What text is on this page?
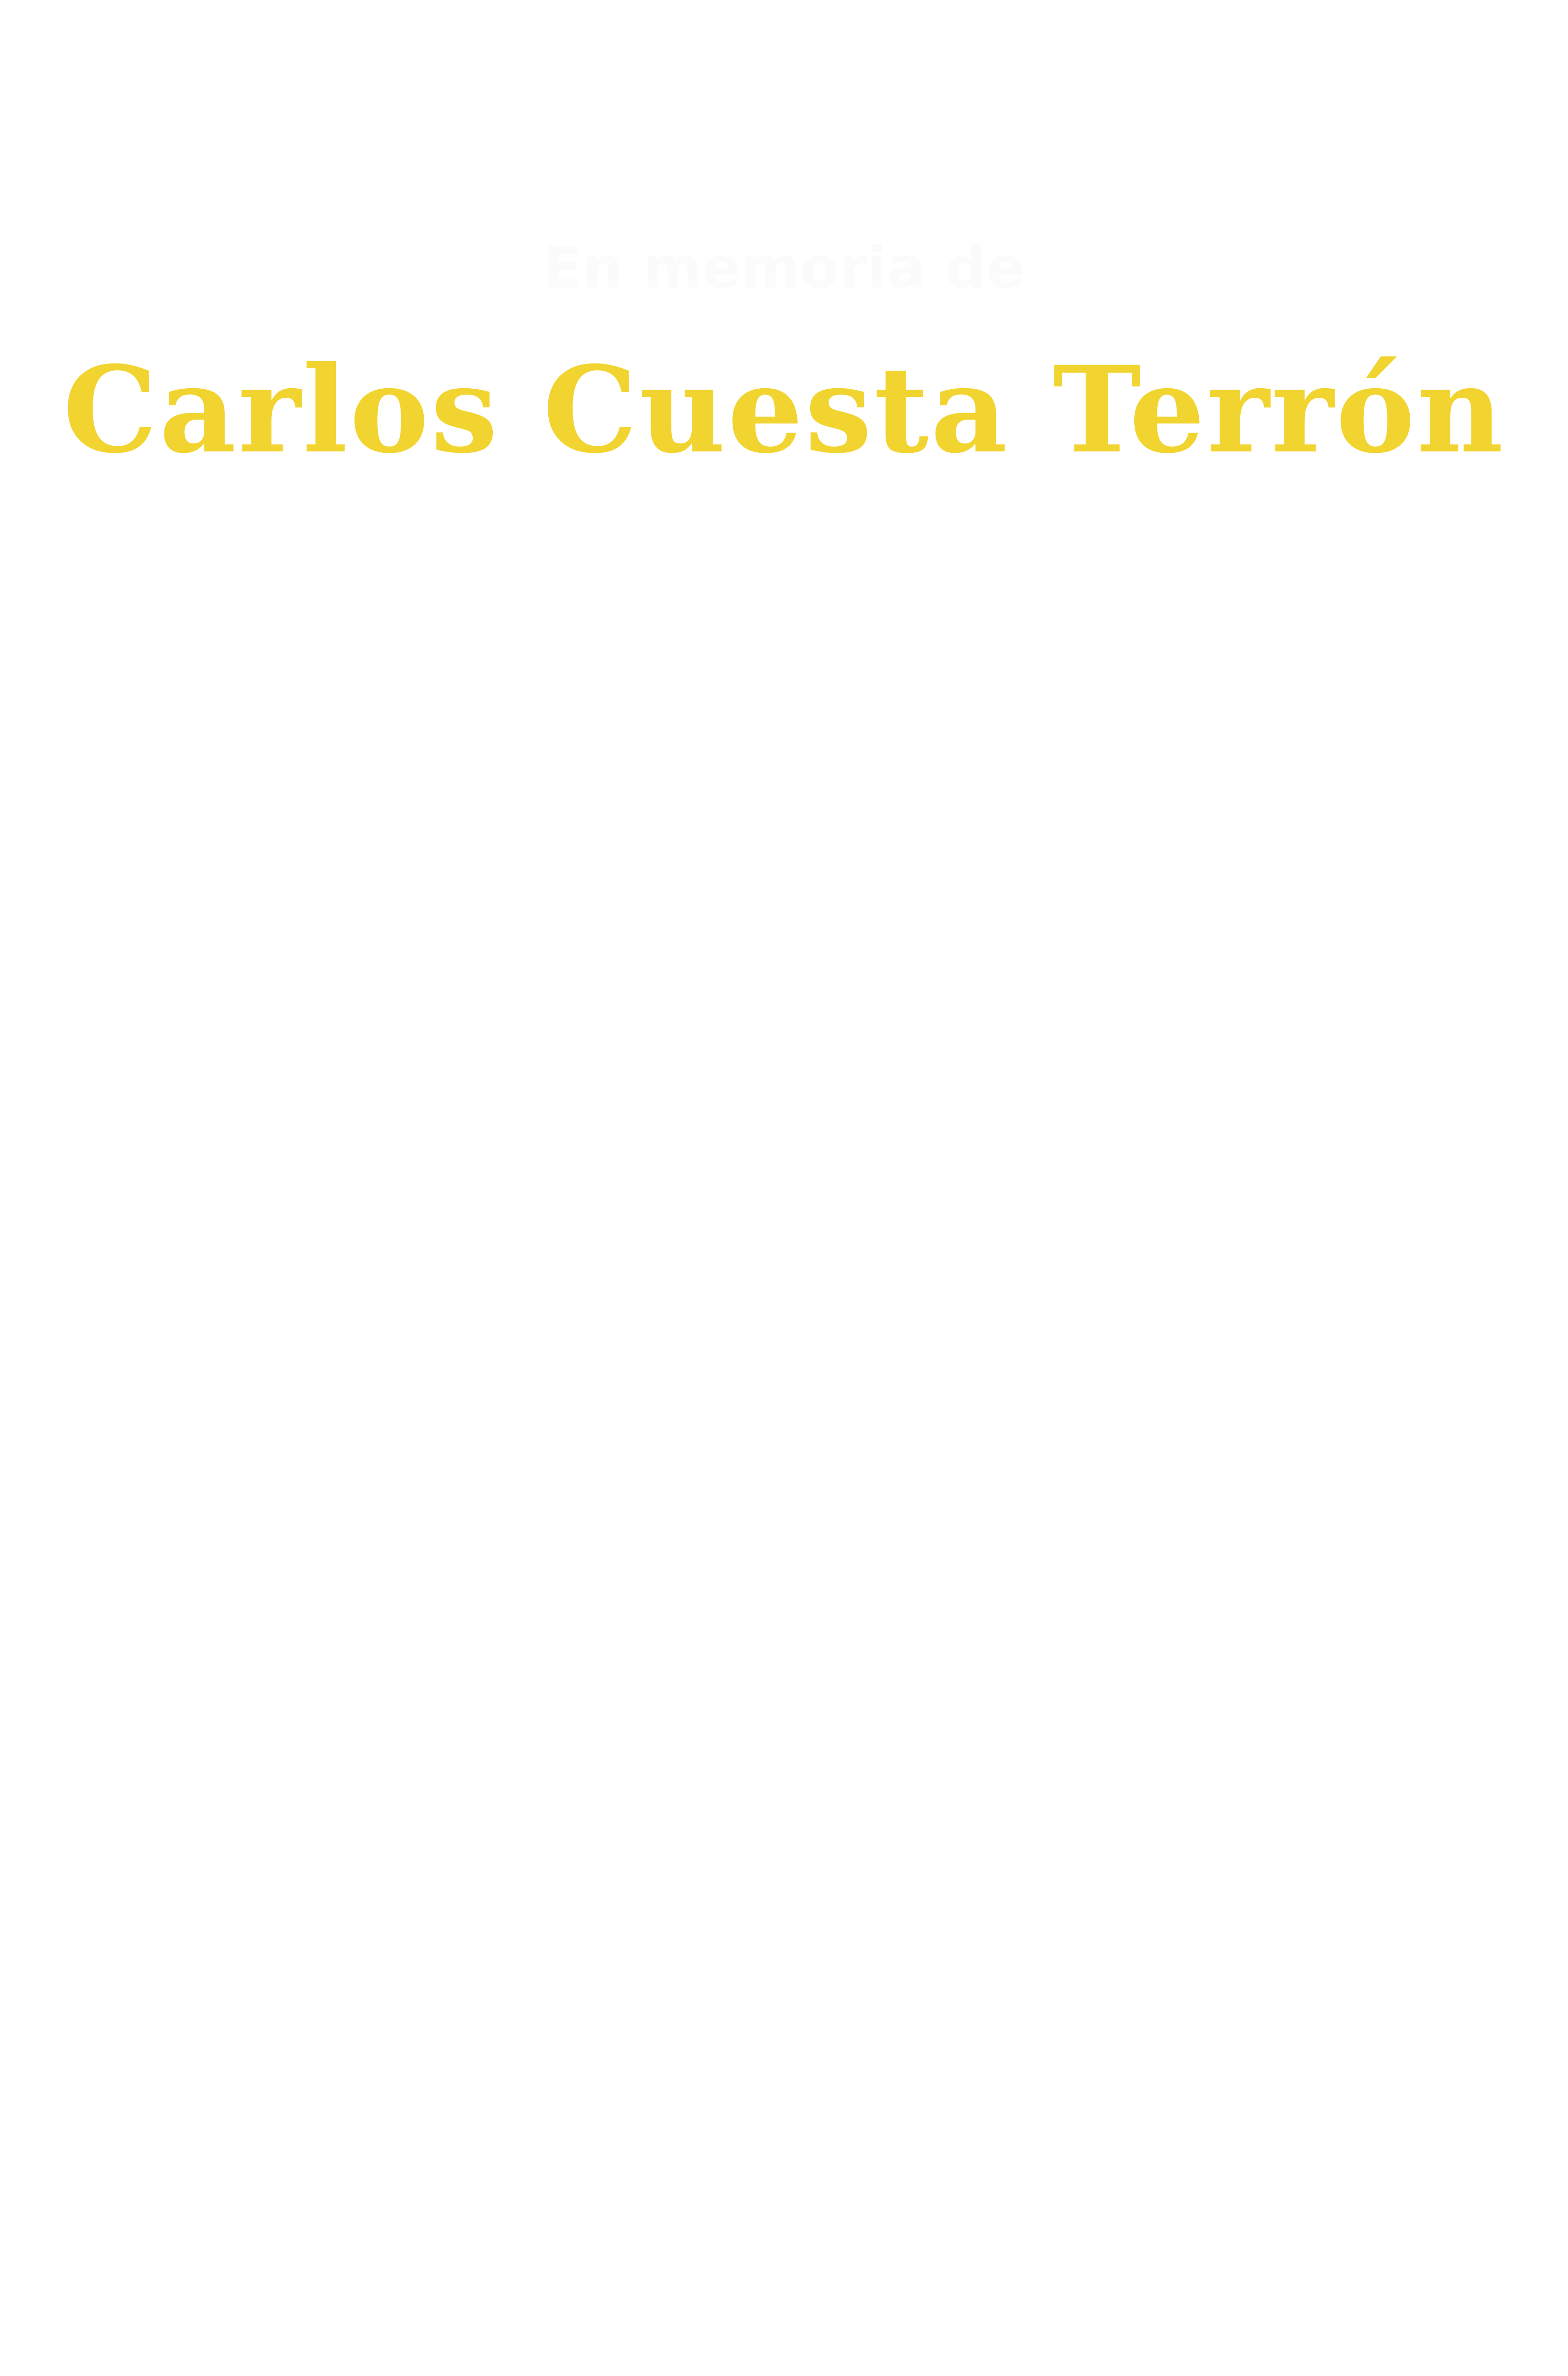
En memoria de
Carlos Cuesta Terrón
